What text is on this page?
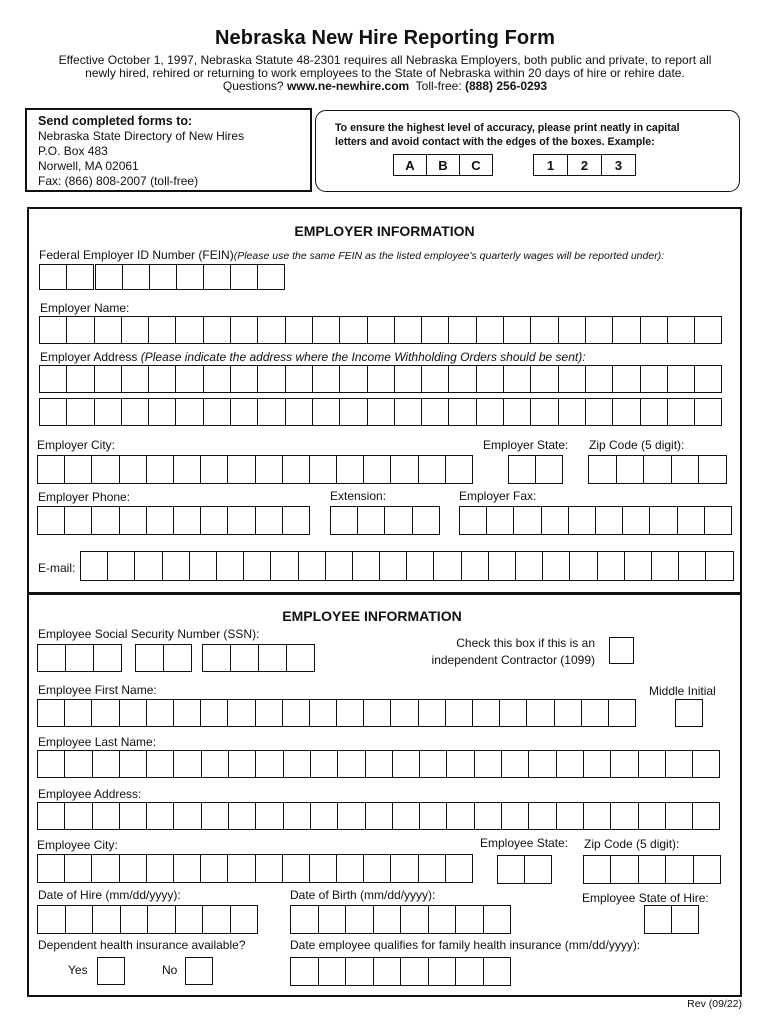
Nebraska New Hire Reporting Form
Effective October 1, 1997, Nebraska Statute 48-2301 requires all Nebraska Employers, both public and private, to report all
newly hired, rehired or returning to work employees to the State of Nebraska within 20 days of hire or rehire date.
Questions? www.ne-newhire.com Toll-free: (888) 256-0293
Send completed forms to:
Nebraska State Directory of New Hires
P.O. Box 483
Norwell, MA 02061
Fax: (866) 808-2007 (toll-free)
To ensure the highest level of accuracy, please print neatly in capital
letters and avoid contact with the edges of the boxes. Example:
A	B	C	1	2	3
EMPLOYER INFORMATION
Federal Employer ID Number (FEIN)(Please use the same FEIN as the listed employee's quarterly wages will be reported under):
Employer Name:
Employer Address (Please indicate the address where the Income Withholding Orders should be sent):
Employer City:	Employer State: Zip Code (5 digit):
Employer Phone:	Extension:	Employer Fax:
E-mail:
EMPLOYEE INFORMATION
Employee Social Security Number (SSN):
Check this box if this is an
independent Contractor (1099)
Employee First Name:	Middle Initial
Employee Last Name:
Employee Address:
Employee City:	Employee State: Zip Code (5 digit):
Date of Hire (mm/dd/yyyy):	Date of Birth (mm/dd/yyyy):	Employee State of Hire:
Dependent health insurance available?	Date employee qualifies for family health insurance (mm/dd/yyyy):
Yes	No
Rev (09/22)
